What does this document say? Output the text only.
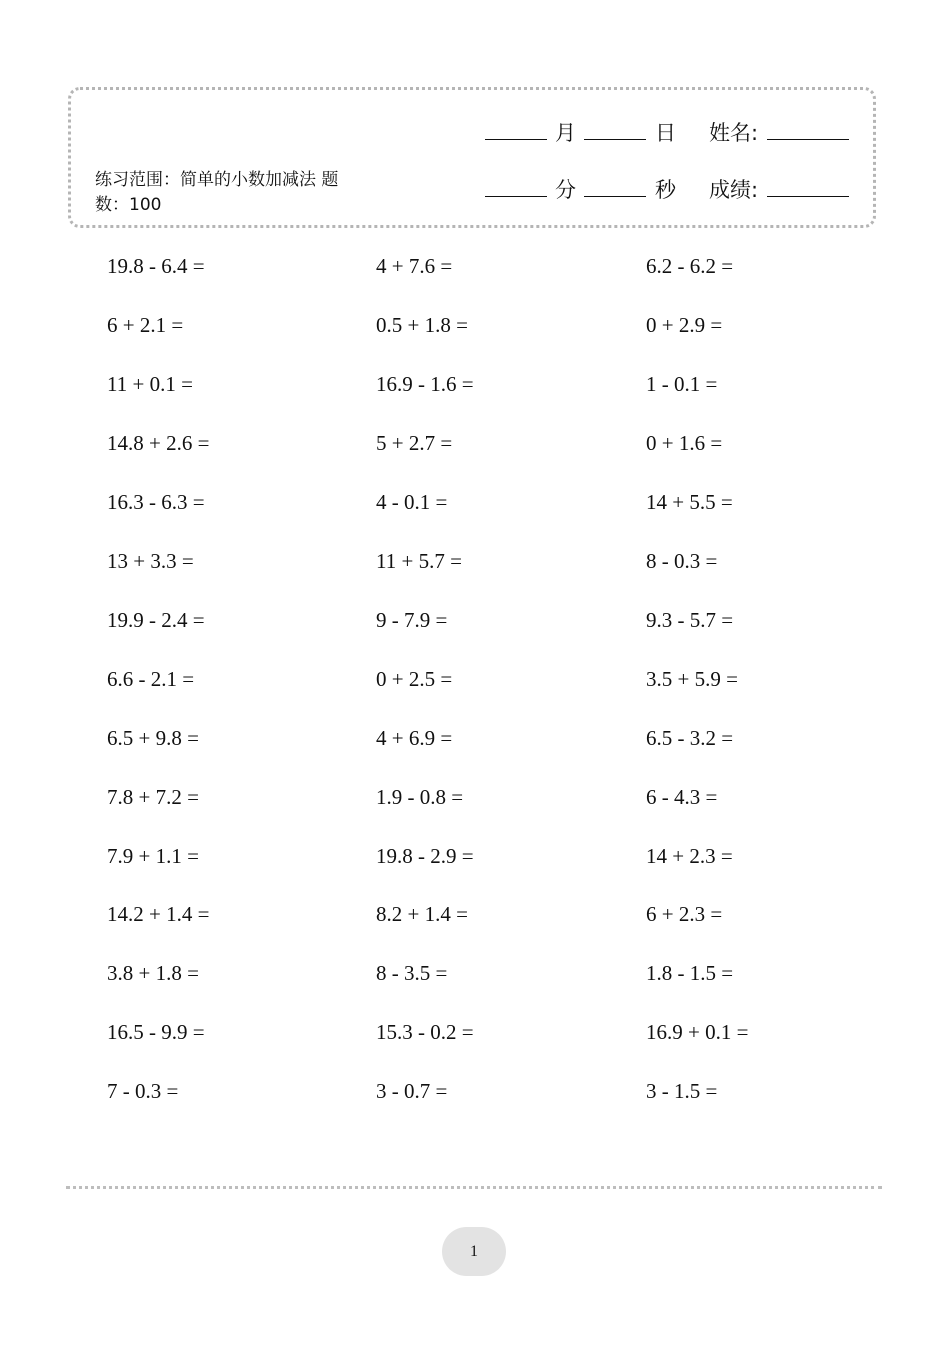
练习范围：简单的小数加减法 题数：100
月	日 姓名:
分	秒 成绩:
19.8 - 6.4 =	4 + 7.6 =	6.2 - 6.2 =
6 + 2.1 =	0.5 + 1.8 =	0 + 2.9 =
11 + 0.1 =	16.9 - 1.6 =	1 - 0.1 =
14.8 + 2.6 =	5 + 2.7 =	0 + 1.6 =
16.3 - 6.3 =	4 - 0.1 =	14 + 5.5 =
13 + 3.3 =	11 + 5.7 =	8 - 0.3 =
19.9 - 2.4 =	9 - 7.9 =	9.3 - 5.7 =
6.6 - 2.1 =	0 + 2.5 =	3.5 + 5.9 =
6.5 + 9.8 =	4 + 6.9 =	6.5 - 3.2 =
7.8 + 7.2 =	1.9 - 0.8 =	6 - 4.3 =
7.9 + 1.1 =	19.8 - 2.9 =	14 + 2.3 =
14.2 + 1.4 =	8.2 + 1.4 =	6 + 2.3 =
3.8 + 1.8 =	8 - 3.5 =	1.8 - 1.5 =
16.5 - 9.9 =	15.3 - 0.2 =	16.9 + 0.1 =
7 - 0.3 =	3 - 0.7 =	3 - 1.5 =
1
